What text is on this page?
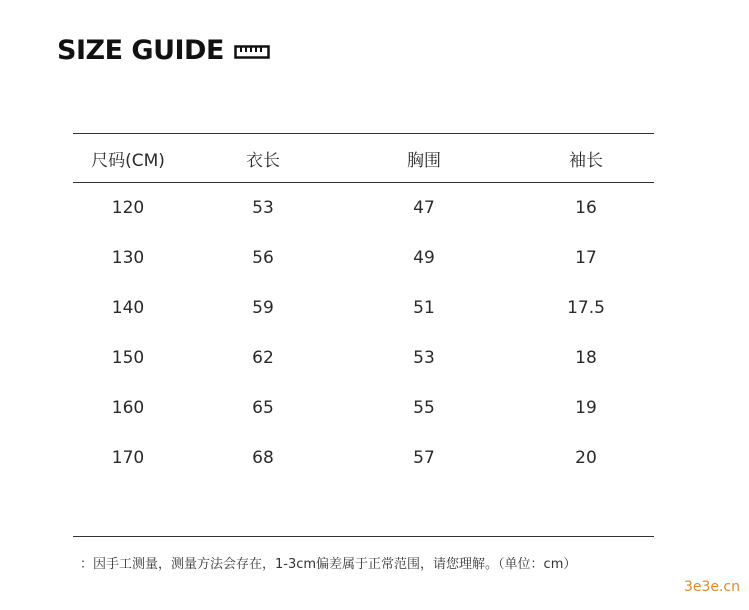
SIZE GUIDE
尺码(CM)	衣长	胸围	袖长
120	53	47	16
130	56	49	17
140	59	51	17.5
150	62	53	18
160	65	55	19
170	68	57	20
：因手工测量，测量方法会存在，1-3cm偏差属于正常范围，请您理解。（单位：cm）
3e3e.cn
